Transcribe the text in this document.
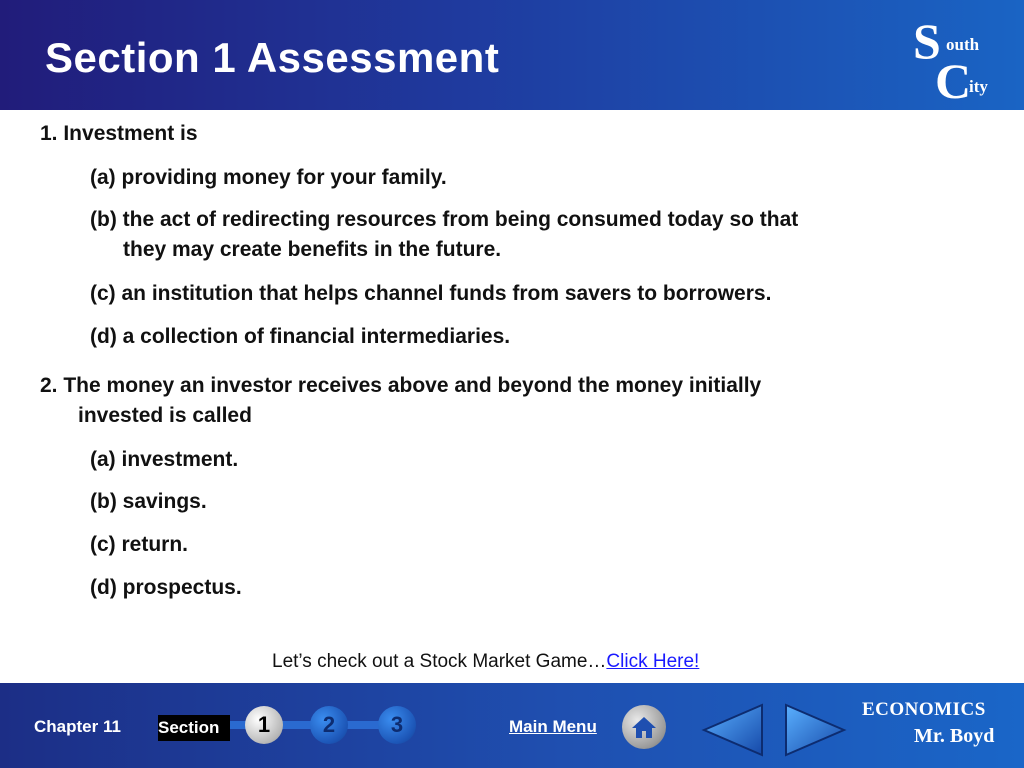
Section 1 Assessment	S outh
C
ity
1. Investment is
(a) providing money for your family.
(b) the act of redirecting resources from being consumed today so that
they may create benefits in the future.
(c) an institution that helps channel funds from savers to borrowers.
(d) a collection of financial intermediaries.
2. The money an investor receives above and beyond the money initially
invested is called
(a) investment.
(b) savings.
(c) return.
(d) prospectus.
Let’s check out a Stock Market Game…Click Here!
Chapter 11 Section	1	2	3	Main Menu
ECONOMICS
Mr. Boyd
